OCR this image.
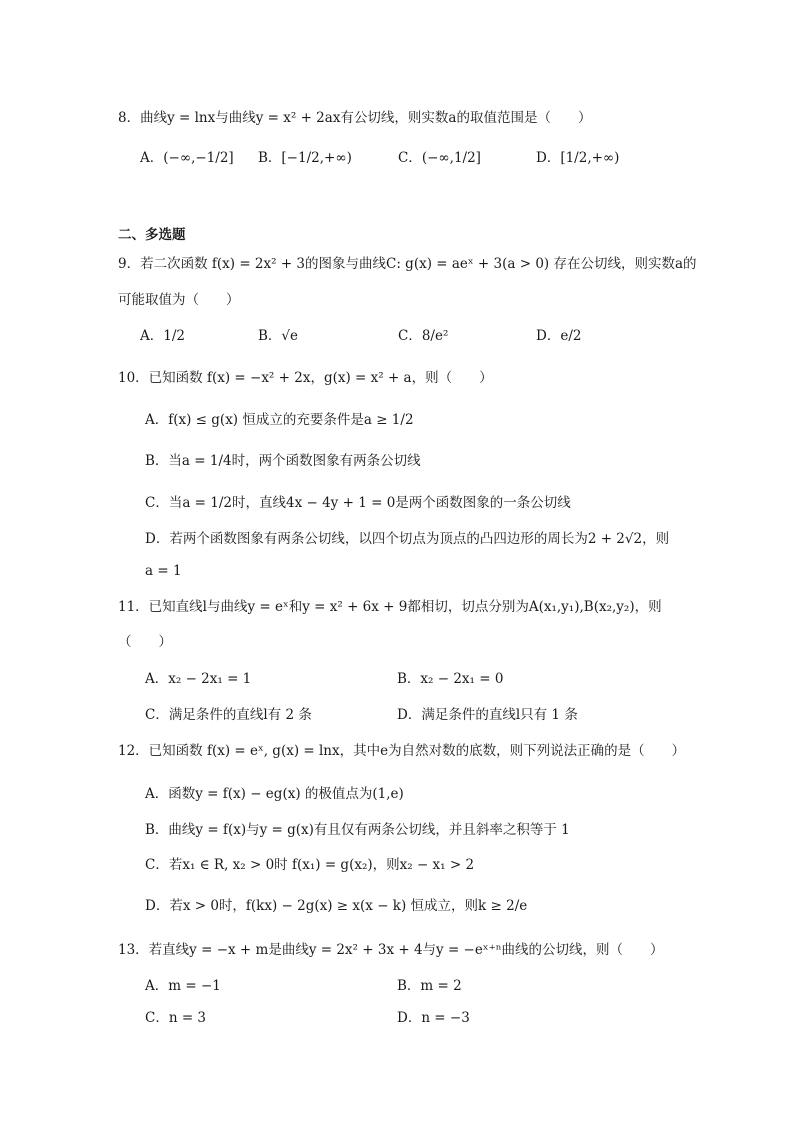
8．曲线y = lnx与曲线y = x² + 2ax有公切线，则实数a的取值范围是（　　）
A．(−∞,−1/2] B．[−1/2,+∞)	C．(−∞,1/2]	D．[1/2,+∞)
二、多选题
9．若二次函数 f(x) = 2x² + 3的图象与曲线C: g(x) = aeˣ + 3(a > 0) 存在公切线，则实数a的
可能取值为（　　）
A．1/2	B．√e	C．8/e²	D．e/2
10．已知函数 f(x) = −x² + 2x，g(x) = x² + a，则（　　）
A．f(x) ≤ g(x) 恒成立的充要条件是a ≥ 1/2
B．当a = 1/4时，两个函数图象有两条公切线
C．当a = 1/2时，直线4x − 4y + 1 = 0是两个函数图象的一条公切线
D．若两个函数图象有两条公切线，以四个切点为顶点的凸四边形的周长为2 + 2√2，则
a = 1
11．已知直线l与曲线y = eˣ和y = x² + 6x + 9都相切，切点分别为A(x₁,y₁),B(x₂,y₂)，则
（　　）
A．x₂ − 2x₁ = 1	B．x₂ − 2x₁ = 0
C．满足条件的直线l有 2 条	D．满足条件的直线l只有 1 条
12．已知函数 f(x) = eˣ, g(x) = lnx，其中e为自然对数的底数，则下列说法正确的是（　　）
A．函数y = f(x) − eg(x) 的极值点为(1,e)
B．曲线y = f(x)与y = g(x)有且仅有两条公切线，并且斜率之积等于 1
C．若x₁ ∈ R, x₂ > 0时 f(x₁) = g(x₂)，则x₂ − x₁ > 2
D．若x > 0时，f(kx) − 2g(x) ≥ x(x − k) 恒成立，则k ≥ 2/e
13．若直线y = −x + m是曲线y = 2x² + 3x + 4与y = −eˣ⁺ⁿ曲线的公切线，则（　　）
A．m = −1	B．m = 2
C．n = 3	D．n = −3
